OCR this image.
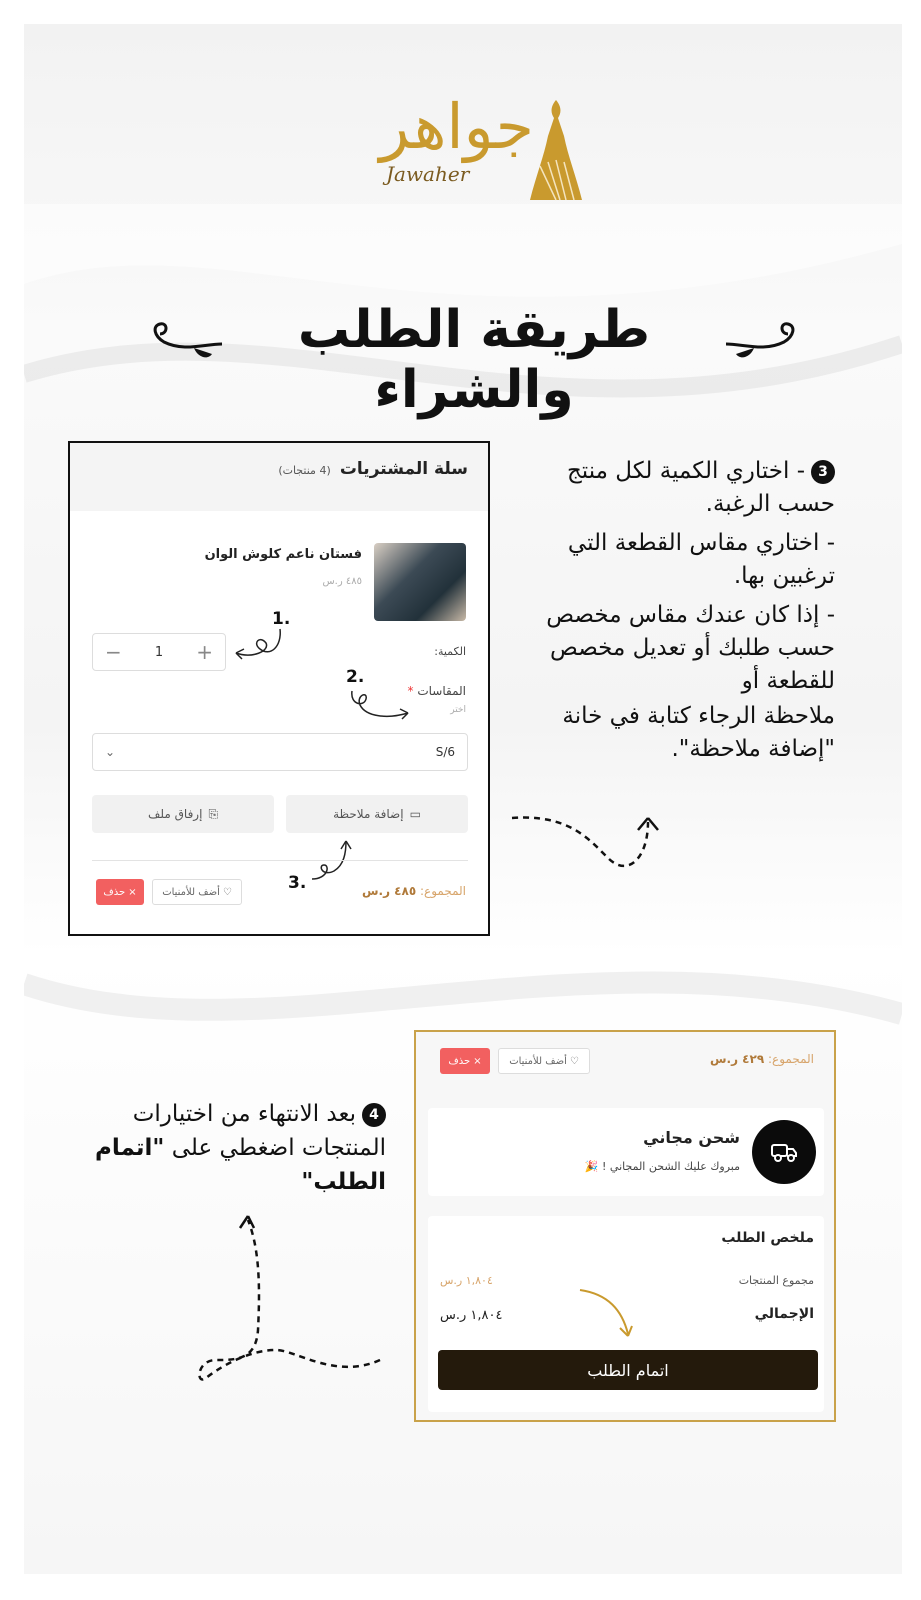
جواهر
Jawaher
طريقة الطلب والشراء
سلة المشتريات (4 منتجات)
فستان ناعم كلوش الوان
٤٨٥ ر.س
1.
الكمية:
−	1 +
2.
المقاسات *
اختر
⌄	S/6
▭
إضافة ملاحظة
⎘
إرفاق ملف
3.	المجموع: ٤٨٥ ر.س
♡
أضف للأمنيات
×
حذف

3- اختاري الكمية لكل منتج حسب الرغبة.

- اختاري مقاس القطعة التي ترغبين بها.

- إذا كان عندك مقاس مخصص حسب طلبك أو تعديل مخصص للقطعة أو

ملاحظة الرجاء كتابة في خانة "إضافة ملاحظة".

4بعد الانتهاء من اختيارات المنتجات اضغطي على "اتمام الطلب"
المجموع: ٤٢٩ ر.س
♡
أضف للأمنيات
×
حذف
شحن مجاني
مبروك عليك الشحن المجاني ! 🎉
ملخص الطلب
مجموع المنتجات
١,٨٠٤ ر.س
الإجمالي
١,٨٠٤ ر.س
اتمام الطلب
